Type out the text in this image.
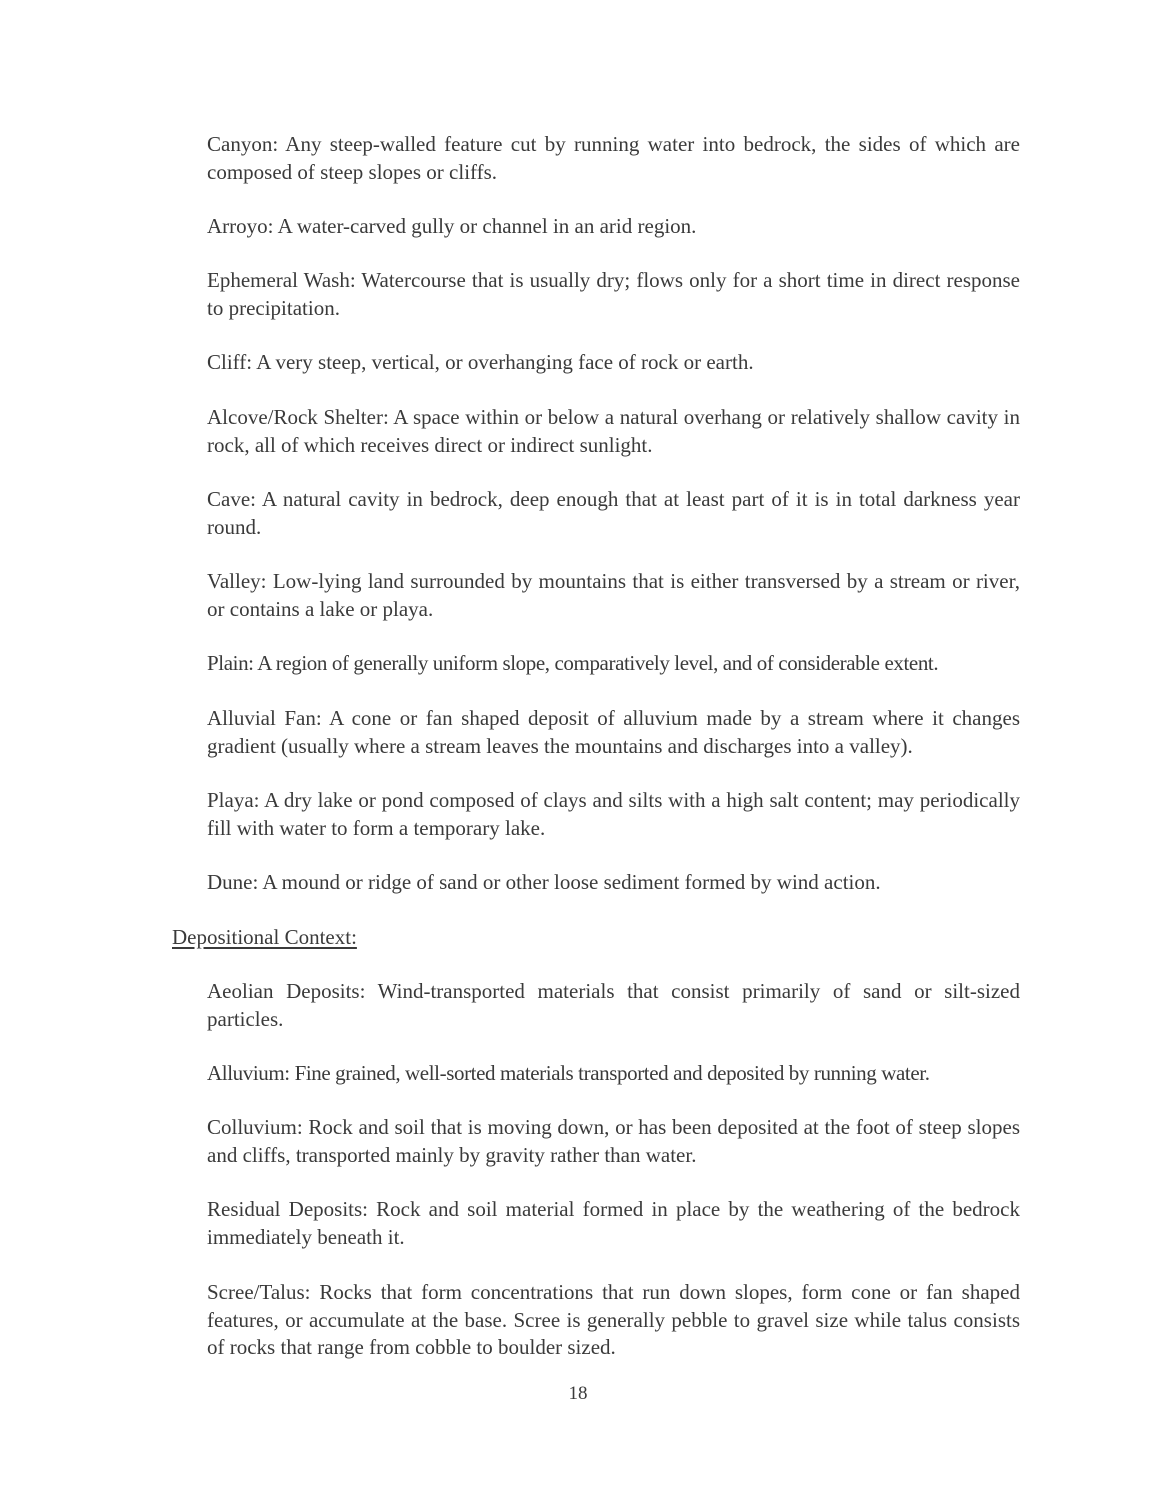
Canyon: Any steep-walled feature cut by running water into bedrock, the sides of which are composed of steep slopes or cliffs.

Arroyo: A water-carved gully or channel in an arid region.

Ephemeral Wash: Watercourse that is usually dry; flows only for a short time in direct response to precipitation.

Cliff: A very steep, vertical, or overhanging face of rock or earth.

Alcove/Rock Shelter: A space within or below a natural overhang or relatively shallow cavity in rock, all of which receives direct or indirect sunlight.

Cave: A natural cavity in bedrock, deep enough that at least part of it is in total darkness year round.

Valley: Low-lying land surrounded by mountains that is either transversed by a stream or river, or contains a lake or playa.

Plain: A region of generally uniform slope, comparatively level, and of considerable extent.

Alluvial Fan: A cone or fan shaped deposit of alluvium made by a stream where it changes gradient (usually where a stream leaves the mountains and discharges into a valley).

Playa: A dry lake or pond composed of clays and silts with a high salt content; may periodically fill with water to form a temporary lake.

Dune: A mound or ridge of sand or other loose sediment formed by wind action.

Depositional Context:

Aeolian Deposits: Wind-transported materials that consist primarily of sand or silt-sized particles.

Alluvium: Fine grained, well-sorted materials transported and deposited by running water.

Colluvium: Rock and soil that is moving down, or has been deposited at the foot of steep slopes and cliffs, transported mainly by gravity rather than water.

Residual Deposits: Rock and soil material formed in place by the weathering of the bedrock immediately beneath it.

Scree/Talus: Rocks that form concentrations that run down slopes, form cone or fan shaped features, or accumulate at the base. Scree is generally pebble to gravel size while talus consists of rocks that range from cobble to boulder sized.

18
